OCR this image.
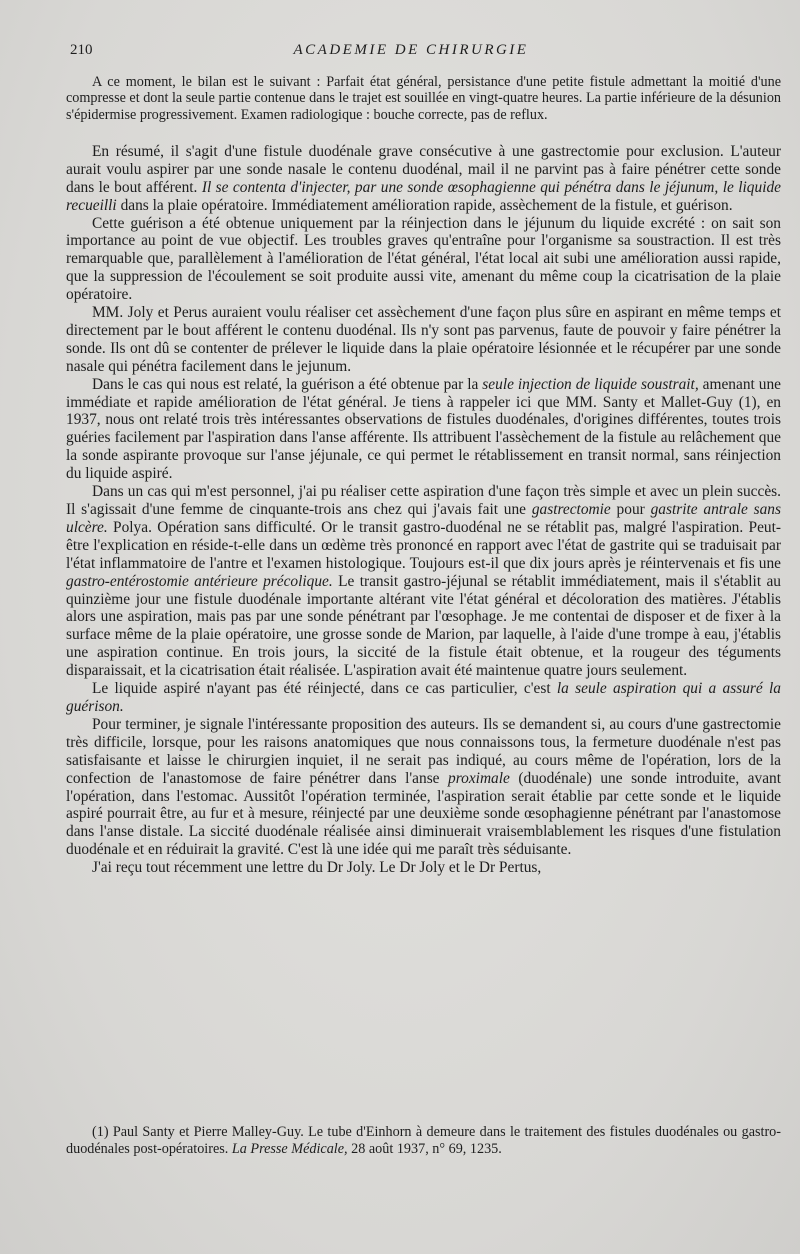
210	ACADEMIE DE CHIRURGIE

A ce moment, le bilan est le suivant : Parfait état général, persistance d'une petite fistule admettant la moitié d'une compresse et dont la seule partie contenue dans le trajet est souillée en vingt-quatre heures. La partie inférieure de la désunion s'épidermise progressivement. Examen radiologique : bouche correcte, pas de reflux.

En résumé, il s'agit d'une fistule duodénale grave consécutive à une gastrectomie pour exclusion. L'auteur aurait voulu aspirer par une sonde nasale le contenu duodénal, mail il ne parvint pas à faire pénétrer cette sonde dans le bout afférent. Il se contenta d'injecter, par une sonde œsophagienne qui pénétra dans le jéjunum, le liquide recueilli dans la plaie opératoire. Immédiatement amélioration rapide, assèchement de la fistule, et guérison.

Cette guérison a été obtenue uniquement par la réinjection dans le jéjunum du liquide excrété : on sait son importance au point de vue objectif. Les troubles graves qu'entraîne pour l'organisme sa soustraction. Il est très remarquable que, parallèlement à l'amélioration de l'état général, l'état local ait subi une amélioration aussi rapide, que la suppression de l'écoulement se soit produite aussi vite, amenant du même coup la cicatrisation de la plaie opératoire.

MM. Joly et Perus auraient voulu réaliser cet assèchement d'une façon plus sûre en aspirant en même temps et directement par le bout afférent le contenu duodénal. Ils n'y sont pas parvenus, faute de pouvoir y faire pénétrer la sonde. Ils ont dû se contenter de prélever le liquide dans la plaie opératoire lésionnée et le récupérer par une sonde nasale qui pénétra facilement dans le jejunum.

Dans le cas qui nous est relaté, la guérison a été obtenue par la seule injection de liquide soustrait, amenant une immédiate et rapide amélioration de l'état général. Je tiens à rappeler ici que MM. Santy et Mallet-Guy (1), en 1937, nous ont relaté trois très intéressantes observations de fistules duodénales, d'origines différentes, toutes trois guéries facilement par l'aspiration dans l'anse afférente. Ils attribuent l'assèchement de la fistule au relâchement que la sonde aspirante provoque sur l'anse jéjunale, ce qui permet le rétablissement en transit normal, sans réinjection du liquide aspiré.

Dans un cas qui m'est personnel, j'ai pu réaliser cette aspiration d'une façon très simple et avec un plein succès. Il s'agissait d'une femme de cinquante-trois ans chez qui j'avais fait une gastrectomie pour gastrite antrale sans ulcère. Polya. Opération sans difficulté. Or le transit gastro-duodénal ne se rétablit pas, malgré l'aspiration. Peut-être l'explication en réside-t-elle dans un œdème très prononcé en rapport avec l'état de gastrite qui se traduisait par l'état inflammatoire de l'antre et l'examen histologique. Toujours est-il que dix jours après je réintervenais et fis une gastro-entérostomie antérieure précolique. Le transit gastro-jéjunal se rétablit immédiatement, mais il s'établit au quinzième jour une fistule duodénale importante altérant vite l'état général et décoloration des matières. J'établis alors une aspiration, mais pas par une sonde pénétrant par l'œsophage. Je me contentai de disposer et de fixer à la surface même de la plaie opératoire, une grosse sonde de Marion, par laquelle, à l'aide d'une trompe à eau, j'établis une aspiration continue. En trois jours, la siccité de la fistule était obtenue, et la rougeur des téguments disparaissait, et la cicatrisation était réalisée. L'aspiration avait été maintenue quatre jours seulement.

Le liquide aspiré n'ayant pas été réinjecté, dans ce cas particulier, c'est la seule aspiration qui a assuré la guérison.

Pour terminer, je signale l'intéressante proposition des auteurs. Ils se demandent si, au cours d'une gastrectomie très difficile, lorsque, pour les raisons anatomiques que nous connaissons tous, la fermeture duodénale n'est pas satisfaisante et laisse le chirurgien inquiet, il ne serait pas indiqué, au cours même de l'opération, lors de la confection de l'anastomose de faire pénétrer dans l'anse proximale (duodénale) une sonde introduite, avant l'opération, dans l'estomac. Aussitôt l'opération terminée, l'aspiration serait établie par cette sonde et le liquide aspiré pourrait être, au fur et à mesure, réinjecté par une deuxième sonde œsophagienne pénétrant par l'anastomose dans l'anse distale. La siccité duodénale réalisée ainsi diminuerait vraisemblablement les risques d'une fistulation duodénale et en réduirait la gravité. C'est là une idée qui me paraît très séduisante.

J'ai reçu tout récemment une lettre du Dr Joly. Le Dr Joly et le Dr Pertus,

(1) Paul Santy et Pierre Malley-Guy. Le tube d'Einhorn à demeure dans le traitement des fistules duodénales ou gastro-duodénales post-opératoires. La Presse Médicale, 28 août 1937, n° 69, 1235.
